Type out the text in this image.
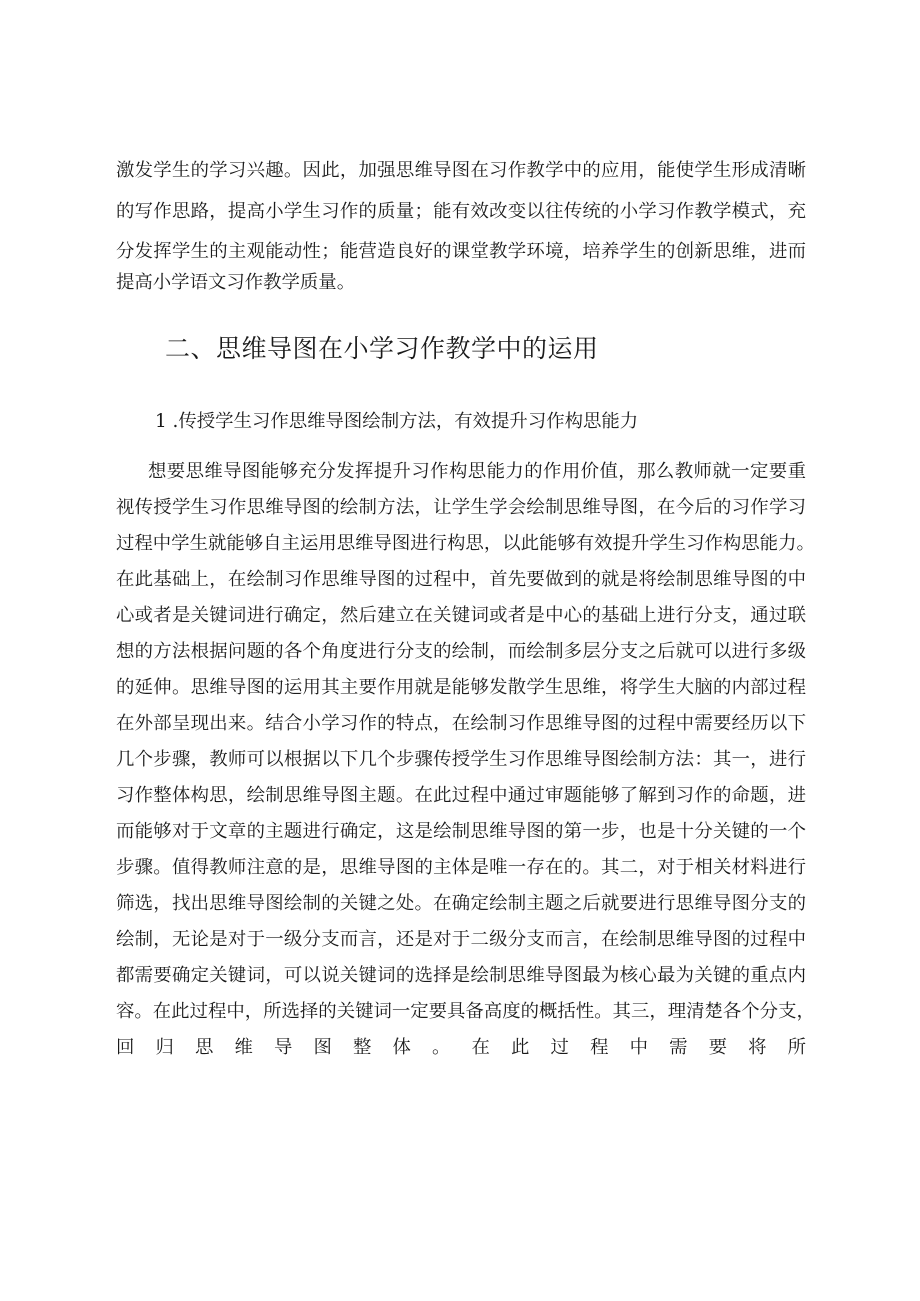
激发学生的学习兴趣。因此，加强思维导图在习作教学中的应用，能使学生形成清晰
的写作思路，提高小学生习作的质量；能有效改变以往传统的小学习作教学模式，充
分发挥学生的主观能动性；能营造良好的课堂教学环境，培养学生的创新思维，进而
提高小学语文习作教学质量。
二、思维导图在小学习作教学中的运用
1 .传授学生习作思维导图绘制方法，有效提升习作构思能力
想要思维导图能够充分发挥提升习作构思能力的作用价值，那么教师就一定要重
视传授学生习作思维导图的绘制方法，让学生学会绘制思维导图，在今后的习作学习
过程中学生就能够自主运用思维导图进行构思，以此能够有效提升学生习作构思能力。
在此基础上，在绘制习作思维导图的过程中，首先要做到的就是将绘制思维导图的中
心或者是关键词进行确定，然后建立在关键词或者是中心的基础上进行分支，通过联
想的方法根据问题的各个角度进行分支的绘制，而绘制多层分支之后就可以进行多级
的延伸。思维导图的运用其主要作用就是能够发散学生思维，将学生大脑的内部过程
在外部呈现出来。结合小学习作的特点，在绘制习作思维导图的过程中需要经历以下
几个步骤，教师可以根据以下几个步骤传授学生习作思维导图绘制方法：其一，进行
习作整体构思，绘制思维导图主题。在此过程中通过审题能够了解到习作的命题，进
而能够对于文章的主题进行确定，这是绘制思维导图的第一步，也是十分关键的一个
步骤。值得教师注意的是，思维导图的主体是唯一存在的。其二，对于相关材料进行
筛选，找出思维导图绘制的关键之处。在确定绘制主题之后就要进行思维导图分支的
绘制，无论是对于一级分支而言，还是对于二级分支而言，在绘制思维导图的过程中
都需要确定关键词，可以说关键词的选择是绘制思维导图最为核心最为关键的重点内
容。在此过程中，所选择的关键词一定要具备高度的概括性。其三，理清楚各个分支，
回归思维导图整体。在此过程中需要将所
